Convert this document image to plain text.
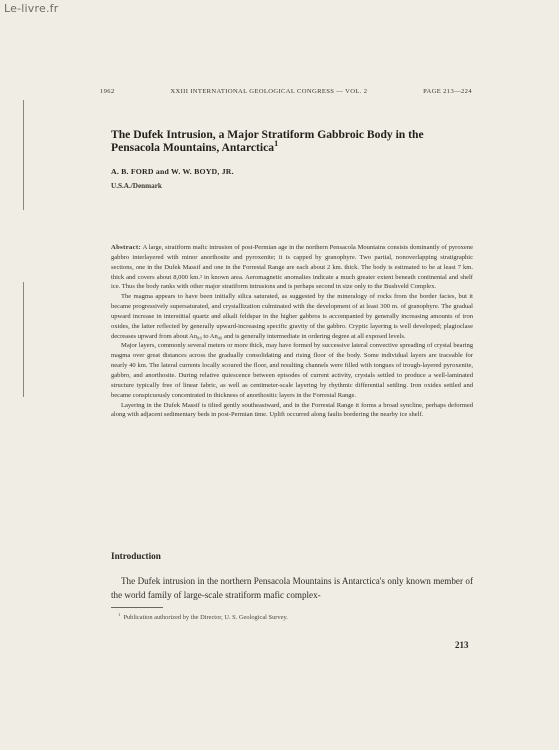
Le-livre.fr
1962	XXIII INTERNATIONAL GEOLOGICAL CONGRESS — VOL. 2	PAGE 213—224
The Dufek Intrusion, a Major Stratiform Gabbroic Body in the Pensacola Mountains, Antarctica$^1$
A. B. FORD and W. W. BOYD, JR.
U.S.A./Denmark

Abstract: A large, stratiform mafic intrusion of post-Permian age in the northern Pensacola Mountains consists dominantly of pyroxene gabbro interlayered with minor anorthosite and pyroxenite; it is capped by granophyre. Two partial, nonoverlapping stratigraphic sections, one in the Dufek Massif and one in the Forrestal Range are each about 2 km. thick. The body is estimated to be at least 7 km. thick and covers about 8,000 km.² in known area. Aeromagnetic anomalies indicate a much greater extent beneath continental and shelf ice. Thus the body ranks with other major stratiform intrusions and is perhaps second in size only to the Bushveld Complex.

The magma appears to have been initially silica saturated, as suggested by the mineralogy of rocks from the border facies, but it became progressively supersaturated, and crystallization culminated with the development of at least 300 m. of granophyre. The gradual upward increase in interstitial quartz and alkali feldspar in the higher gabbros is accompanied by generally increasing amounts of iron oxides, the latter reflected by generally upward-increasing specific gravity of the gabbro. Cryptic layering is well developed; plagioclase decreases upward from about An₈₀ to An₄₀ and is generally intermediate in ordering degree at all exposed levels.

Major layers, commonly several meters or more thick, may have formed by successive lateral convective spreading of crystal bearing magma over great distances across the gradually consolidating and rising floor of the body. Some individual layers are traceable for nearly 40 km. The lateral currents locally scoured the floor, and resulting channels were filled with tongues of trough-layered pyroxenite, gabbro, and anorthosite. During relative quiescence between episodes of current activity, crystals settled to produce a well-laminated structure typically free of linear fabric, as well as centimeter-scale layering by rhythmic differential settling. Iron oxides settled and became conspicuously concentrated in thickness of anorthositic layers in the Forrestal Range.

Layering in the Dufek Massif is tilted gently southeastward, and in the Forrestal Range it forms a broad syncline, perhaps deformed along with adjacent sedimentary beds in post-Permian time. Uplift occurred along faults bordering the nearby ice shelf.

Introduction

The Dufek intrusion in the northern Pensacola Mountains is Antarctica's only known member of the world family of large-scale stratiform mafic complex-

$^1$ Publication authorized by the Director, U. S. Geological Survey.
213
